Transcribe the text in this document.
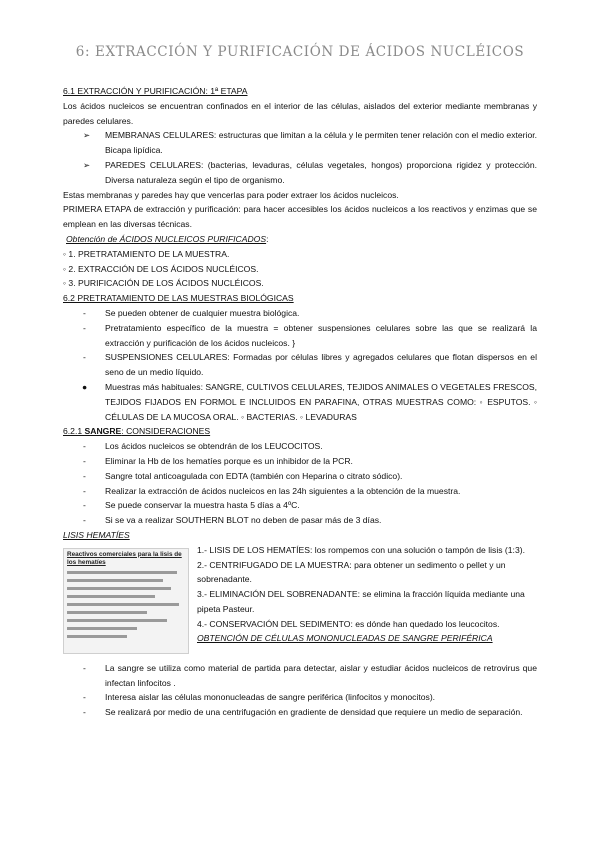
6: EXTRACCIÓN Y PURIFICACIÓN DE ÁCIDOS NUCLÉICOS

6.1 EXTRACCIÓN Y PURIFICACIÓN: 1ª ETAPA

Los ácidos nucleicos se encuentran confinados en el interior de las células, aislados del exterior mediante membranas y paredes celulares.

➢ MEMBRANAS CELULARES: estructuras que limitan a la célula y le permiten tener relación con el medio exterior. Bicapa lipídica.

➢ PAREDES CELULARES: (bacterias, levaduras, células vegetales, hongos) proporciona rigidez y protección. Diversa naturaleza según el tipo de organismo.

Estas membranas y paredes hay que vencerlas para poder extraer los ácidos nucleicos.

PRIMERA ETAPA de extracción y purificación: para hacer accesibles los ácidos nucleicos a los reactivos y enzimas que se emplean en las diversas técnicas.

Obtención de ÁCIDOS NUCLEICOS PURIFICADOS:

◦ 1. PRETRATAMIENTO DE LA MUESTRA.

◦ 2. EXTRACCIÓN DE LOS ÁCIDOS NUCLÉICOS.

◦ 3. PURIFICACIÓN DE LOS ÁCIDOS NUCLÉICOS.

6.2 PRETRATAMIENTO DE LAS MUESTRAS BIOLÓGICAS

- Se pueden obtener de cualquier muestra biológica.

- Pretratamiento específico de la muestra = obtener suspensiones celulares sobre las que se realizará la extracción y purificación de los ácidos nucleicos. }

- SUSPENSIONES CELULARES: Formadas por células libres y agregados celulares que flotan dispersos en el seno de un medio líquido.

● Muestras más habituales: SANGRE, CULTIVOS CELULARES, TEJIDOS ANIMALES O VEGETALES FRESCOS, TEJIDOS FIJADOS EN FORMOL E INCLUIDOS EN PARAFINA, OTRAS MUESTRAS COMO: ◦ ESPUTOS. ◦ CÉLULAS DE LA MUCOSA ORAL. ◦ BACTERIAS. ◦ LEVADURAS

6.2.1 SANGRE: CONSIDERACIONES

- Los ácidos nucleicos se obtendrán de los LEUCOCITOS.

- Eliminar la Hb de los hematíes porque es un inhibidor de la PCR.

- Sangre total anticoagulada con EDTA (también con Heparina o citrato sódico).

- Realizar la extracción de ácidos nucleicos en las 24h siguientes a la obtención de la muestra.

- Se puede conservar la muestra hasta 5 días a 4ºC.

- Si se va a realizar SOUTHERN BLOT no deben de pasar más de 3 días.

LISIS HEMATÍES

Reactivos comerciales para la lisis de los hematíes

1.- LISIS DE LOS HEMATÍES: los rompemos con una solución o tampón de lisis (1:3).

2.- CENTRIFUGADO DE LA MUESTRA: para obtener un sedimento o pellet y un sobrenadante.

3.- ELIMINACIÓN DEL SOBRENADANTE: se elimina la fracción líquida mediante una pipeta Pasteur.

4.- CONSERVACIÓN DEL SEDIMENTO: es dónde han quedado los leucocitos.

OBTENCIÓN DE CÉLULAS MONONUCLEADAS DE SANGRE PERIFÉRICA

- La sangre se utiliza como material de partida para detectar, aislar y estudiar ácidos nucleicos de retrovirus que infectan linfocitos .

- Interesa aislar las células mononucleadas de sangre periférica (linfocitos y monocitos).

- Se realizará por medio de una centrifugación en gradiente de densidad que requiere un medio de separación.
